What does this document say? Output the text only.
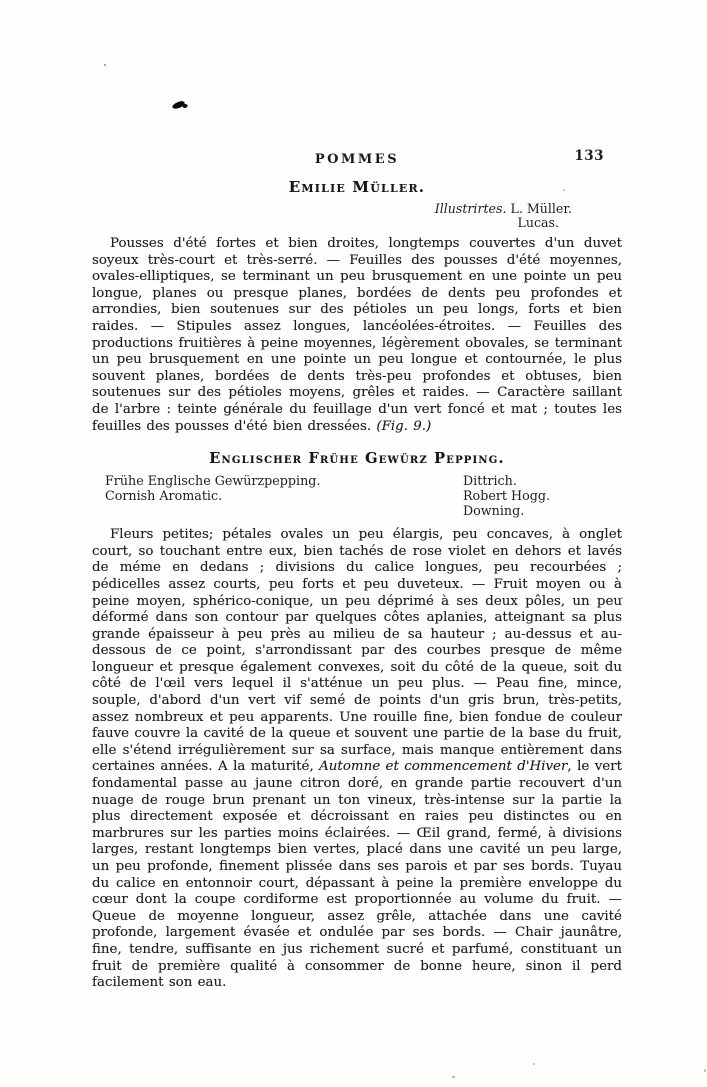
POMMES	133
Emilie Müller.
Illustrirtes. L. Müller.
Lucas.

Pousses d'été fortes et bien droites, longtemps couvertes d'un duvet soyeux très-court et très-serré. — Feuilles des pousses d'été moyennes, ovales-elliptiques, se terminant un peu brusquement en une pointe un peu longue, planes ou presque planes, bordées de dents peu profondes et arrondies, bien soutenues sur des pétioles un peu longs, forts et bien raides. — Stipules assez longues, lancéolées-étroites. — Feuilles des productions fruitières à peine moyennes, légèrement obovales, se terminant un peu brusquement en une pointe un peu longue et contournée, le plus souvent planes, bordées de dents très-peu profondes et obtuses, bien soutenues sur des pétioles moyens, grêles et raides. — Caractère saillant de l'arbre : teinte générale du feuillage d'un vert foncé et mat ; toutes les feuilles des pousses d'été bien dressées. (Fig. 9.)

Englischer Frühe Gewürz Pepping.
Frühe Englische Gewürzpepping.
Cornish Aromatic.
Dittrich.
Robert Hogg.
Downing.

Fleurs petites; pétales ovales un peu élargis, peu concaves, à onglet court, so touchant entre eux, bien tachés de rose violet en dehors et lavés de méme en dedans ; divisions du calice longues, peu recourbées ; pédicelles assez courts, peu forts et peu duveteux. — Fruit moyen ou à peine moyen, sphérico-conique, un peu déprimé à ses deux pôles, un peu déformé dans son contour par quelques côtes aplanies, atteignant sa plus grande épaisseur à peu près au milieu de sa hauteur ; au-dessus et au-dessous de ce point, s'arrondissant par des courbes presque de même longueur et presque également convexes, soit du côté de la queue, soit du côté de l'œil vers lequel il s'atténue un peu plus. — Peau fine, mince, souple, d'abord d'un vert vif semé de points d'un gris brun, très-petits, assez nombreux et peu apparents. Une rouille fine, bien fondue de couleur fauve couvre la cavité de la queue et souvent une partie de la base du fruit, elle s'étend irrégulièrement sur sa surface, mais manque entièrement dans certaines années. A la maturité, Automne et commencement d'Hiver, le vert fondamental passe au jaune citron doré, en grande partie recouvert d'un nuage de rouge brun prenant un ton vineux, très-intense sur la partie la plus directement exposée et décroissant en raies peu distinctes ou en marbrures sur les parties moins éclairées. — Œil grand, fermé, à divisions larges, restant longtemps bien vertes, placé dans une cavité un peu large, un peu profonde, finement plissée dans ses parois et par ses bords. Tuyau du calice en entonnoir court, dépassant à peine la première enveloppe du cœur dont la coupe cordiforme est proportionnée au volume du fruit. — Queue de moyenne longueur, assez grêle, attachée dans une cavité profonde, largement évasée et ondulée par ses bords. — Chair jaunâtre, fine, tendre, suffisante en jus richement sucré et parfumé, constituant un fruit de première qualité à consommer de bonne heure, sinon il perd facilement son eau.
